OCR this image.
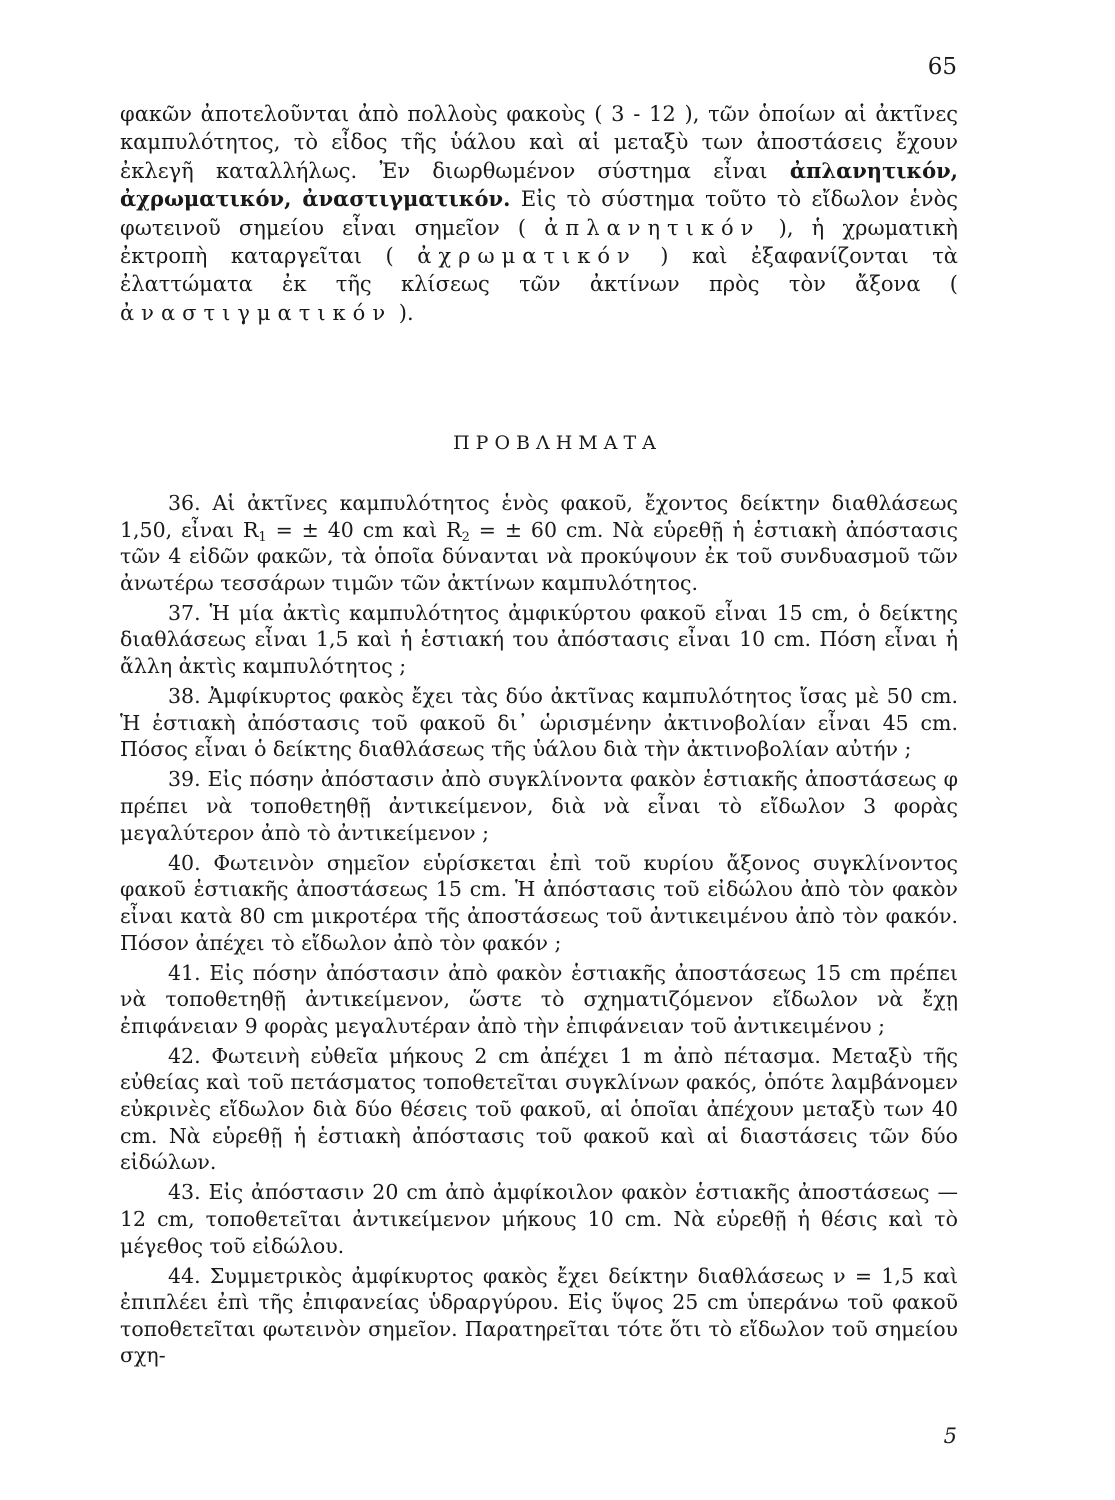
65
φακῶν ἀποτελοῦνται ἀπὸ πολλοὺς φακοὺς ( 3 - 12 ), τῶν ὁποίων αἱ ἀκτῖνες καμπυλότητος, τὸ εἶδος τῆς ὑάλου καὶ αἱ μεταξὺ των ἀποστάσεις ἔχουν ἐκλεγῆ καταλλήλως. Ἐν διωρθωμένον σύστημα εἶναι ἀπλανητικόν, ἀχρωματικόν, ἀναστιγματικόν. Εἰς τὸ σύστημα τοῦτο τὸ εἴδωλον ἑνὸς φωτεινοῦ σημείου εἶναι σημεῖον ( ἀπλανητικόν ), ἡ χρωματικὴ ἐκτροπὴ καταργεῖται ( ἀχρωματικόν ) καὶ ἐξαφανίζονται τὰ ἐλαττώματα ἐκ τῆς κλίσεως τῶν ἀκτίνων πρὸς τὸν ἄξονα ( ἀναστιγματικόν ).
ΠΡΟΒΛΗΜΑΤΑ
36. Αἱ ἀκτῖνες καμπυλότητος ἑνὸς φακοῦ, ἔχοντος δείκτην διαθλάσεως 1,50, εἶναι $R_1$ = ± 40 cm καὶ $R_2$ = ± 60 cm. Νὰ εὑρεθῇ ἡ ἑστιακὴ ἀπόστασις τῶν 4 εἰδῶν φακῶν, τὰ ὁποῖα δύνανται νὰ προκύψουν ἐκ τοῦ συνδυασμοῦ τῶν ἀνωτέρω τεσσάρων τιμῶν τῶν ἀκτίνων καμπυλότητος.
37. Ἡ μία ἀκτὶς καμπυλότητος ἀμφικύρτου φακοῦ εἶναι 15 cm, ὁ δείκτης διαθλάσεως εἶναι 1,5 καὶ ἡ ἑστιακή του ἀπόστασις εἶναι 10 cm. Πόση εἶναι ἡ ἄλλη ἀκτὶς καμπυλότητος ;
38. Ἀμφίκυρτος φακὸς ἔχει τὰς δύο ἀκτῖνας καμπυλότητος ἴσας μὲ 50 cm. Ἡ ἑστιακὴ ἀπόστασις τοῦ φακοῦ δι᾽ ὡρισμένην ἀκτινοβολίαν εἶναι 45 cm. Πόσος εἶναι ὁ δείκτης διαθλάσεως τῆς ὑάλου διὰ τὴν ἀκτινοβολίαν αὐτήν ;
39. Εἰς πόσην ἀπόστασιν ἀπὸ συγκλίνοντα φακὸν ἑστιακῆς ἀποστάσεως φ πρέπει νὰ τοποθετηθῇ ἀντικείμενον, διὰ νὰ εἶναι τὸ εἴδωλον 3 φορὰς μεγαλύτερον ἀπὸ τὸ ἀντικείμενον ;
40. Φωτεινὸν σημεῖον εὑρίσκεται ἐπὶ τοῦ κυρίου ἄξονος συγκλίνοντος φακοῦ ἑστιακῆς ἀποστάσεως 15 cm. Ἡ ἀπόστασις τοῦ εἰδώλου ἀπὸ τὸν φακὸν εἶναι κατὰ 80 cm μικροτέρα τῆς ἀποστάσεως τοῦ ἀντικειμένου ἀπὸ τὸν φακόν. Πόσον ἀπέχει τὸ εἴδωλον ἀπὸ τὸν φακόν ;
41. Εἰς πόσην ἀπόστασιν ἀπὸ φακὸν ἑστιακῆς ἀποστάσεως 15 cm πρέπει νὰ τοποθετηθῇ ἀντικείμενον, ὥστε τὸ σχηματιζόμενον εἴδωλον νὰ ἔχῃ ἐπιφάνειαν 9 φορὰς μεγαλυτέραν ἀπὸ τὴν ἐπιφάνειαν τοῦ ἀντικειμένου ;
42. Φωτεινὴ εὐθεῖα μήκους 2 cm ἀπέχει 1 m ἀπὸ πέτασμα. Μεταξὺ τῆς εὐθείας καὶ τοῦ πετάσματος τοποθετεῖται συγκλίνων φακός, ὁπότε λαμβάνομεν εὐκρινὲς εἴδωλον διὰ δύο θέσεις τοῦ φακοῦ, αἱ ὁποῖαι ἀπέχουν μεταξὺ των 40 cm. Νὰ εὑρεθῇ ἡ ἑστιακὴ ἀπόστασις τοῦ φακοῦ καὶ αἱ διαστάσεις τῶν δύο εἰδώλων.
43. Εἰς ἀπόστασιν 20 cm ἀπὸ ἀμφίκοιλον φακὸν ἑστιακῆς ἀποστάσεως —12 cm, τοποθετεῖται ἀντικείμενον μήκους 10 cm. Νὰ εὑρεθῇ ἡ θέσις καὶ τὸ μέγεθος τοῦ εἰδώλου.
44. Συμμετρικὸς ἀμφίκυρτος φακὸς ἔχει δείκτην διαθλάσεως ν = 1,5 καὶ ἐπιπλέει ἐπὶ τῆς ἐπιφανείας ὑδραργύρου. Εἰς ὕψος 25 cm ὑπεράνω τοῦ φακοῦ τοποθετεῖται φωτεινὸν σημεῖον. Παρατηρεῖται τότε ὅτι τὸ εἴδωλον τοῦ σημείου σχη-
5
